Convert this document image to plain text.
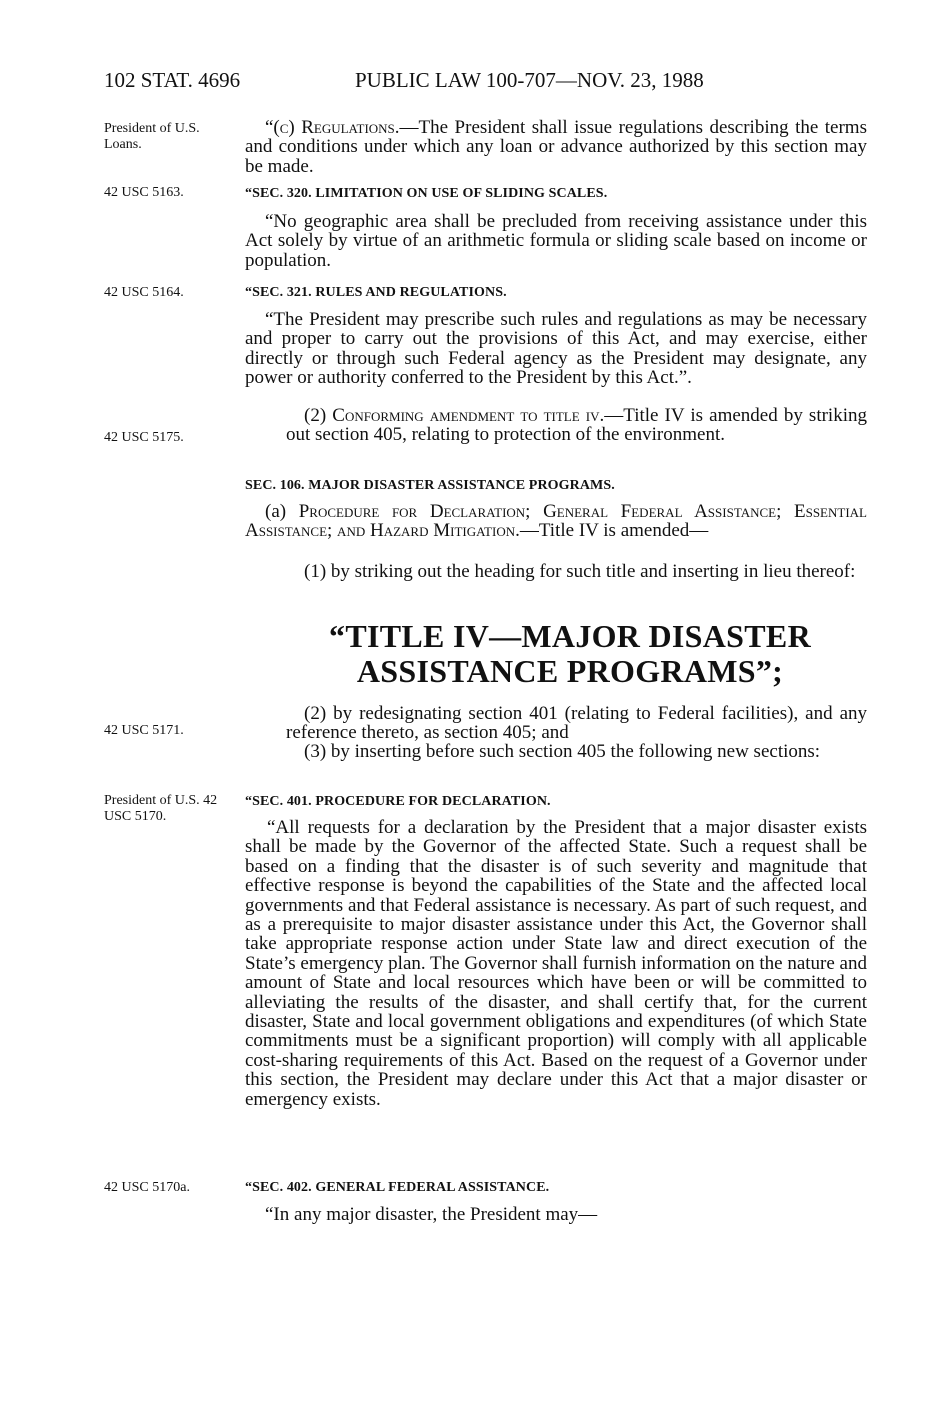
102 STAT. 4696	PUBLIC LAW 100-707—NOV. 23, 1988
President of U.S. Loans.
42 USC 5163.
42 USC 5164.
42 USC 5175.
42 USC 5171.
President of U.S. 42 USC 5170.
42 USC 5170a.

“(c) Regulations.—The President shall issue regulations describing the terms and conditions under which any loan or advance authorized by this section may be made.

“SEC. 320. LIMITATION ON USE OF SLIDING SCALES.

“No geographic area shall be precluded from receiving assistance under this Act solely by virtue of an arithmetic formula or sliding scale based on income or population.

“SEC. 321. RULES AND REGULATIONS.

“The President may prescribe such rules and regulations as may be necessary and proper to carry out the provisions of this Act, and may exercise, either directly or through such Federal agency as the President may designate, any power or authority conferred to the President by this Act.”.

(2) Conforming amendment to title iv.—Title IV is amended by striking out section 405, relating to protection of the environment.

SEC. 106. MAJOR DISASTER ASSISTANCE PROGRAMS.

(a) Procedure for Declaration; General Federal Assistance; Essential Assistance; and Hazard Mitigation.—Title IV is amended—

(1) by striking out the heading for such title and inserting in lieu thereof:

“TITLE IV—MAJOR DISASTER
ASSISTANCE PROGRAMS”;

(2) by redesignating section 401 (relating to Federal facilities), and any reference thereto, as section 405; and

(3) by inserting before such section 405 the following new sections:

“SEC. 401. PROCEDURE FOR DECLARATION.

“All requests for a declaration by the President that a major disaster exists shall be made by the Governor of the affected State. Such a request shall be based on a finding that the disaster is of such severity and magnitude that effective response is beyond the capabilities of the State and the affected local governments and that Federal assistance is necessary. As part of such request, and as a prerequisite to major disaster assistance under this Act, the Governor shall take appropriate response action under State law and direct execution of the State’s emergency plan. The Governor shall furnish information on the nature and amount of State and local resources which have been or will be committed to alleviating the results of the disaster, and shall certify that, for the current disaster, State and local government obligations and expenditures (of which State commitments must be a significant proportion) will comply with all applicable cost-sharing requirements of this Act. Based on the request of a Governor under this section, the President may declare under this Act that a major disaster or emergency exists.

“SEC. 402. GENERAL FEDERAL ASSISTANCE.

“In any major disaster, the President may—
